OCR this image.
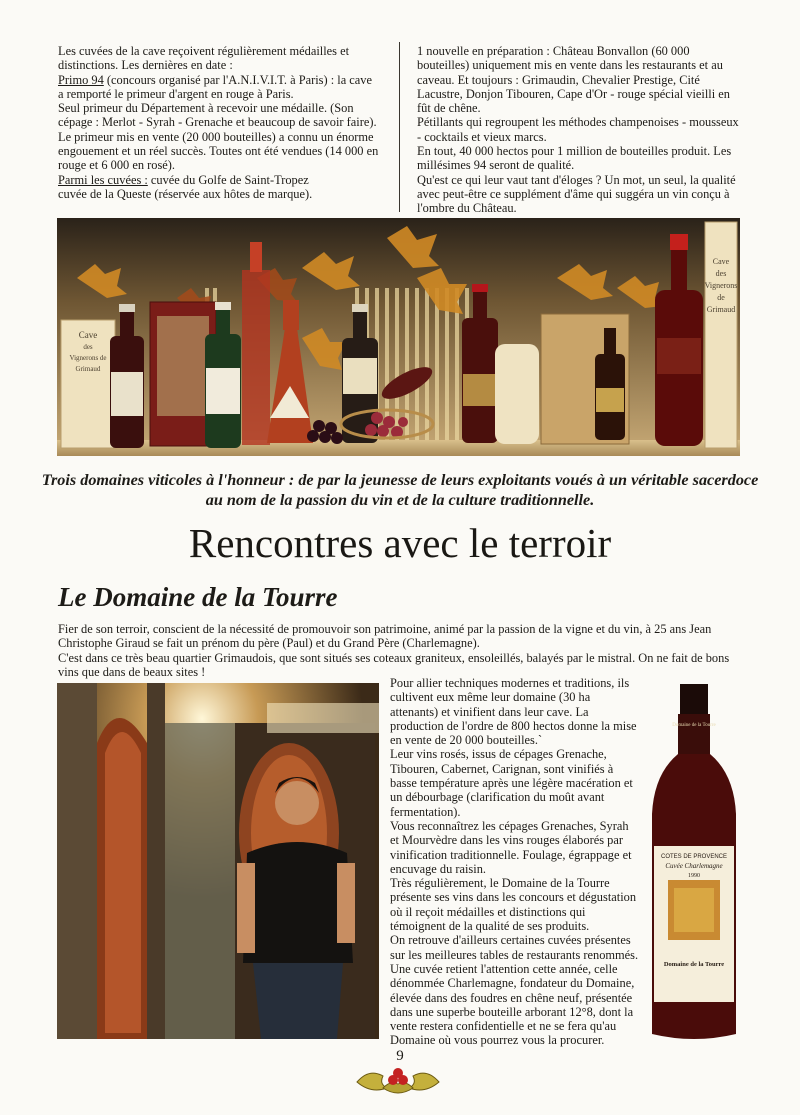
Les cuvées de la cave reçoivent régulièrement médailles et distinctions. Les dernières en date :

Primo 94 (concours organisé par l'A.N.I.V.I.T. à Paris) : la cave a remporté le primeur d'argent en rouge à Paris.

Seul primeur du Département à recevoir une médaille. (Son cépage : Merlot - Syrah - Grenache et beaucoup de savoir faire).

Le primeur mis en vente (20 000 bouteilles) a connu un énorme engouement et un réel succès. Toutes ont été vendues (14 000 en rouge et 6 000 en rosé).

Parmi les cuvées : cuvée du Golfe de Saint-Tropez

cuvée de la Queste (réservée aux hôtes de marque).

1 nouvelle en préparation : Château Bonvallon (60 000 bouteilles) uniquement mis en vente dans les restaurants et au caveau. Et toujours : Grimaudin, Chevalier Prestige, Cité Lacustre, Donjon Tibouren, Cape d'Or - rouge spécial vieilli en fût de chêne.

Pétillants qui regroupent les méthodes champenoises - mousseux - cocktails et vieux marcs.

En tout, 40 000 hectos pour 1 million de bouteilles produit. Les millésimes 94 seront de qualité.

Qu'est ce qui leur vaut tant d'éloges ? Un mot, un seul, la qualité avec peut-être ce supplément d'âme qui suggéra un vin conçu à l'ombre du Château.

Cave
des
Vignerons de
Grimaud
Cave
des
Vignerons
de
Grimaud
Trois domaines viticoles à l'honneur : de par la jeunesse de leurs exploitants voués à un véritable sacerdoce au nom de la passion du vin et de la culture traditionnelle.
Rencontres avec le terroir
Le Domaine de la Tourre

Fier de son terroir, conscient de la nécessité de promouvoir son patrimoine, animé par la passion de la vigne et du vin, à 25 ans Jean Christophe Giraud se fait un prénom du père (Paul) et du Grand Père (Charlemagne).
C'est dans ce très beau quartier Grimaudois, que sont situés ses coteaux graniteux, ensoleillés, balayés par le mistral. On ne fait de bons vins que dans de beaux sites !

Pour allier techniques modernes et traditions, ils cultivent eux même leur domaine (30 ha attenants) et vinifient dans leur cave. La production de l'ordre de 800 hectos donne la mise en vente de 20 000 bouteilles.`

Leur vins rosés, issus de cépages Grenache, Tibouren, Cabernet, Carignan, sont vinifiés à basse température après une légère macération et un débourbage (clarification du moût avant fermentation).

Vous reconnaîtrez les cépages Grenaches, Syrah et Mourvèdre dans les vins rouges élaborés par vinification traditionnelle. Foulage, égrappage et encuvage du raisin.

Très régulièrement, le Domaine de la Tourre présente ses vins dans les concours et dégustation où il reçoit médailles et distinctions qui témoignent de la qualité de ses produits.

On retrouve d'ailleurs certaines cuvées présentes sur les meilleures tables de restaurants renommés.

Une cuvée retient l'attention cette année, celle dénommée Charlemagne, fondateur du Domaine, élevée dans des foudres en chêne neuf, présentée dans une superbe bouteille arborant 12°8, dont la vente restera confidentielle et ne se fera qu'au Domaine où vous pourrez vous la procurer.

Domaine de la Tourre
COTES DE PROVENCE
Cuvée Charlemagne
1990
Domaine de la Tourre
9
